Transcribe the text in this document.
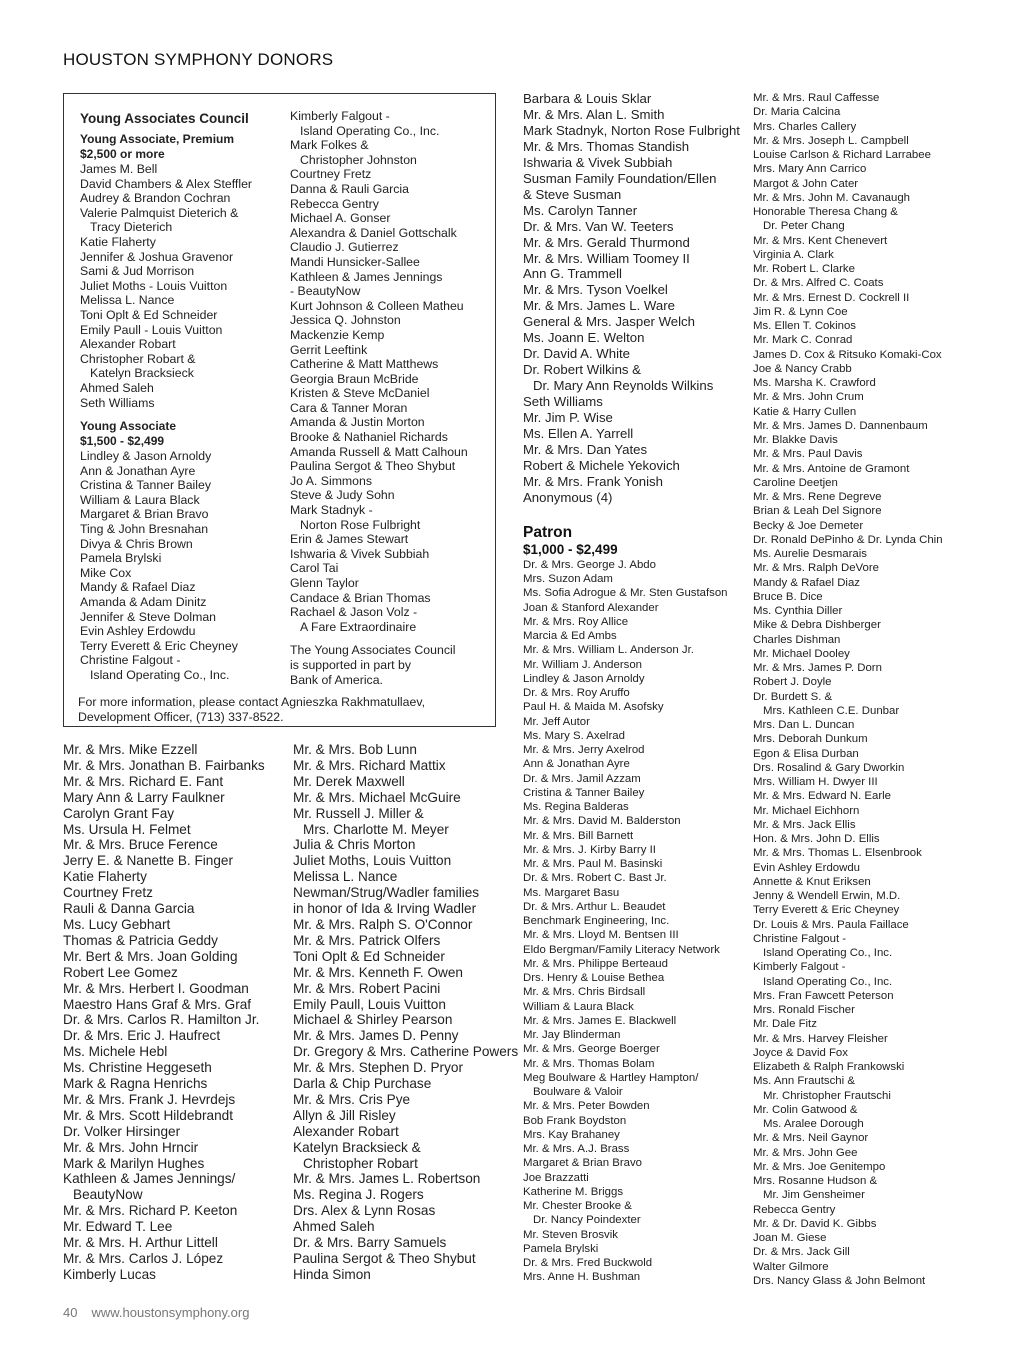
HOUSTON SYMPHONY DONORS
Young Associates Council
Young Associate, Premium
$2,500 or more
James M. Bell
David Chambers & Alex Steffler
Audrey & Brandon Cochran
Valerie Palmquist Dieterich &
Tracy Dieterich
Katie Flaherty
Jennifer & Joshua Gravenor
Sami & Jud Morrison
Juliet Moths - Louis Vuitton
Melissa L. Nance
Toni Oplt & Ed Schneider
Emily Paull - Louis Vuitton
Alexander Robart
Christopher Robart &
Katelyn Bracksieck
Ahmed Saleh
Seth Williams
Young Associate
$1,500 - $2,499
Lindley & Jason Arnoldy
Ann & Jonathan Ayre
Cristina & Tanner Bailey
William & Laura Black
Margaret & Brian Bravo
Ting & John Bresnahan
Divya & Chris Brown
Pamela Brylski
Mike Cox
Mandy & Rafael Diaz
Amanda & Adam Dinitz
Jennifer & Steve Dolman
Evin Ashley Erdowdu
Terry Everett & Eric Cheyney
Christine Falgout -
Island Operating Co., Inc.
Kimberly Falgout -
Island Operating Co., Inc.
Mark Folkes &
Christopher Johnston
Courtney Fretz
Danna & Rauli Garcia
Rebecca Gentry
Michael A. Gonser
Alexandra & Daniel Gottschalk
Claudio J. Gutierrez
Mandi Hunsicker-Sallee
Kathleen & James Jennings
- BeautyNow
Kurt Johnson & Colleen Matheu
Jessica Q. Johnston
Mackenzie Kemp
Gerrit Leeftink
Catherine & Matt Matthews
Georgia Braun McBride
Kristen & Steve McDaniel
Cara & Tanner Moran
Amanda & Justin Morton
Brooke & Nathaniel Richards
Amanda Russell & Matt Calhoun
Paulina Sergot & Theo Shybut
Jo A. Simmons
Steve & Judy Sohn
Mark Stadnyk -
Norton Rose Fulbright
Erin & James Stewart
Ishwaria & Vivek Subbiah
Carol Tai
Glenn Taylor
Candace & Brian Thomas
Rachael & Jason Volz -
A Fare Extraordinaire
The Young Associates Council
is supported in part by
Bank of America.
For more information, please contact Agnieszka Rakhmatullaev,
Development Officer, (713) 337-8522.
Mr. & Mrs. Mike Ezzell
Mr. & Mrs. Jonathan B. Fairbanks
Mr. & Mrs. Richard E. Fant
Mary Ann & Larry Faulkner
Carolyn Grant Fay
Ms. Ursula H. Felmet
Mr. & Mrs. Bruce Ference
Jerry E. & Nanette B. Finger
Katie Flaherty
Courtney Fretz
Rauli & Danna Garcia
Ms. Lucy Gebhart
Thomas & Patricia Geddy
Mr. Bert & Mrs. Joan Golding
Robert Lee Gomez
Mr. & Mrs. Herbert I. Goodman
Maestro Hans Graf & Mrs. Graf
Dr. & Mrs. Carlos R. Hamilton Jr.
Dr. & Mrs. Eric J. Haufrect
Ms. Michele Hebl
Ms. Christine Heggeseth
Mark & Ragna Henrichs
Mr. & Mrs. Frank J. Hevrdejs
Mr. & Mrs. Scott Hildebrandt
Dr. Volker Hirsinger
Mr. & Mrs. John Hrncir
Mark & Marilyn Hughes
Kathleen & James Jennings/
BeautyNow
Mr. & Mrs. Richard P. Keeton
Mr. Edward T. Lee
Mr. & Mrs. H. Arthur Littell
Mr. & Mrs. Carlos J. López
Kimberly Lucas
Mr. & Mrs. Bob Lunn
Mr. & Mrs. Richard Mattix
Mr. Derek Maxwell
Mr. & Mrs. Michael McGuire
Mr. Russell J. Miller &
Mrs. Charlotte M. Meyer
Julia & Chris Morton
Juliet Moths, Louis Vuitton
Melissa L. Nance
Newman/Strug/Wadler families
in honor of Ida & Irving Wadler
Mr. & Mrs. Ralph S. O'Connor
Mr. & Mrs. Patrick Olfers
Toni Oplt & Ed Schneider
Mr. & Mrs. Kenneth F. Owen
Mr. & Mrs. Robert Pacini
Emily Paull, Louis Vuitton
Michael & Shirley Pearson
Mr. & Mrs. James D. Penny
Dr. Gregory & Mrs. Catherine Powers
Mr. & Mrs. Stephen D. Pryor
Darla & Chip Purchase
Mr. & Mrs. Cris Pye
Allyn & Jill Risley
Alexander Robart
Katelyn Bracksieck &
Christopher Robart
Mr. & Mrs. James L. Robertson
Ms. Regina J. Rogers
Drs. Alex & Lynn Rosas
Ahmed Saleh
Dr. & Mrs. Barry Samuels
Paulina Sergot & Theo Shybut
Hinda Simon
Barbara & Louis Sklar
Mr. & Mrs. Alan L. Smith
Mark Stadnyk, Norton Rose Fulbright
Mr. & Mrs. Thomas Standish
Ishwaria & Vivek Subbiah
Susman Family Foundation/Ellen
& Steve Susman
Ms. Carolyn Tanner
Dr. & Mrs. Van W. Teeters
Mr. & Mrs. Gerald Thurmond
Mr. & Mrs. William Toomey II
Ann G. Trammell
Mr. & Mrs. Tyson Voelkel
Mr. & Mrs. James L. Ware
General & Mrs. Jasper Welch
Ms. Joann E. Welton
Dr. David A. White
Dr. Robert Wilkins &
Dr. Mary Ann Reynolds Wilkins
Seth Williams
Mr. Jim P. Wise
Ms. Ellen A. Yarrell
Mr. & Mrs. Dan Yates
Robert & Michele Yekovich
Mr. & Mrs. Frank Yonish
Anonymous (4)
Patron
$1,000 - $2,499
Dr. & Mrs. George J. Abdo
Mrs. Suzon Adam
Ms. Sofia Adrogue & Mr. Sten Gustafson
Joan & Stanford Alexander
Mr. & Mrs. Roy Allice
Marcia & Ed Ambs
Mr. & Mrs. William L. Anderson Jr.
Mr. William J. Anderson
Lindley & Jason Arnoldy
Dr. & Mrs. Roy Aruffo
Paul H. & Maida M. Asofsky
Mr. Jeff Autor
Ms. Mary S. Axelrad
Mr. & Mrs. Jerry Axelrod
Ann & Jonathan Ayre
Dr. & Mrs. Jamil Azzam
Cristina & Tanner Bailey
Ms. Regina Balderas
Mr. & Mrs. David M. Balderston
Mr. & Mrs. Bill Barnett
Mr. & Mrs. J. Kirby Barry II
Mr. & Mrs. Paul M. Basinski
Dr. & Mrs. Robert C. Bast Jr.
Ms. Margaret Basu
Dr. & Mrs. Arthur L. Beaudet
Benchmark Engineering, Inc.
Mr. & Mrs. Lloyd M. Bentsen III
Eldo Bergman/Family Literacy Network
Mr. & Mrs. Philippe Berteaud
Drs. Henry & Louise Bethea
Mr. & Mrs. Chris Birdsall
William & Laura Black
Mr. & Mrs. James E. Blackwell
Mr. Jay Blinderman
Mr. & Mrs. George Boerger
Mr. & Mrs. Thomas Bolam
Meg Boulware & Hartley Hampton/
Boulware & Valoir
Mr. & Mrs. Peter Bowden
Bob Frank Boydston
Mrs. Kay Brahaney
Mr. & Mrs. A.J. Brass
Margaret & Brian Bravo
Joe Brazzatti
Katherine M. Briggs
Mr. Chester Brooke &
Dr. Nancy Poindexter
Mr. Steven Brosvik
Pamela Brylski
Dr. & Mrs. Fred Buckwold
Mrs. Anne H. Bushman
Mr. & Mrs. Raul Caffesse
Dr. Maria Calcina
Mrs. Charles Callery
Mr. & Mrs. Joseph L. Campbell
Louise Carlson & Richard Larrabee
Mrs. Mary Ann Carrico
Margot & John Cater
Mr. & Mrs. John M. Cavanaugh
Honorable Theresa Chang &
Dr. Peter Chang
Mr. & Mrs. Kent Chenevert
Virginia A. Clark
Mr. Robert L. Clarke
Dr. & Mrs. Alfred C. Coats
Mr. & Mrs. Ernest D. Cockrell II
Jim R. & Lynn Coe
Ms. Ellen T. Cokinos
Mr. Mark C. Conrad
James D. Cox & Ritsuko Komaki-Cox
Joe & Nancy Crabb
Ms. Marsha K. Crawford
Mr. & Mrs. John Crum
Katie & Harry Cullen
Mr. & Mrs. James D. Dannenbaum
Mr. Blakke Davis
Mr. & Mrs. Paul Davis
Mr. & Mrs. Antoine de Gramont
Caroline Deetjen
Mr. & Mrs. Rene Degreve
Brian & Leah Del Signore
Becky & Joe Demeter
Dr. Ronald DePinho & Dr. Lynda Chin
Ms. Aurelie Desmarais
Mr. & Mrs. Ralph DeVore
Mandy & Rafael Diaz
Bruce B. Dice
Ms. Cynthia Diller
Mike & Debra Dishberger
Charles Dishman
Mr. Michael Dooley
Mr. & Mrs. James P. Dorn
Robert J. Doyle
Dr. Burdett S. &
Mrs. Kathleen C.E. Dunbar
Mrs. Dan L. Duncan
Mrs. Deborah Dunkum
Egon & Elisa Durban
Drs. Rosalind & Gary Dworkin
Mrs. William H. Dwyer III
Mr. & Mrs. Edward N. Earle
Mr. Michael Eichhorn
Mr. & Mrs. Jack Ellis
Hon. & Mrs. John D. Ellis
Mr. & Mrs. Thomas L. Elsenbrook
Evin Ashley Erdowdu
Annette & Knut Eriksen
Jenny & Wendell Erwin, M.D.
Terry Everett & Eric Cheyney
Dr. Louis & Mrs. Paula Faillace
Christine Falgout -
Island Operating Co., Inc.
Kimberly Falgout -
Island Operating Co., Inc.
Mrs. Fran Fawcett Peterson
Mrs. Ronald Fischer
Mr. Dale Fitz
Mr. & Mrs. Harvey Fleisher
Joyce & David Fox
Elizabeth & Ralph Frankowski
Ms. Ann Frautschi &
Mr. Christopher Frautschi
Mr. Colin Gatwood &
Ms. Aralee Dorough
Mr. & Mrs. Neil Gaynor
Mr. & Mrs. John Gee
Mr. & Mrs. Joe Genitempo
Mrs. Rosanne Hudson &
Mr. Jim Gensheimer
Rebecca Gentry
Mr. & Dr. David K. Gibbs
Joan M. Giese
Dr. & Mrs. Jack Gill
Walter Gilmore
Drs. Nancy Glass & John Belmont
40 www.houstonsymphony.org
